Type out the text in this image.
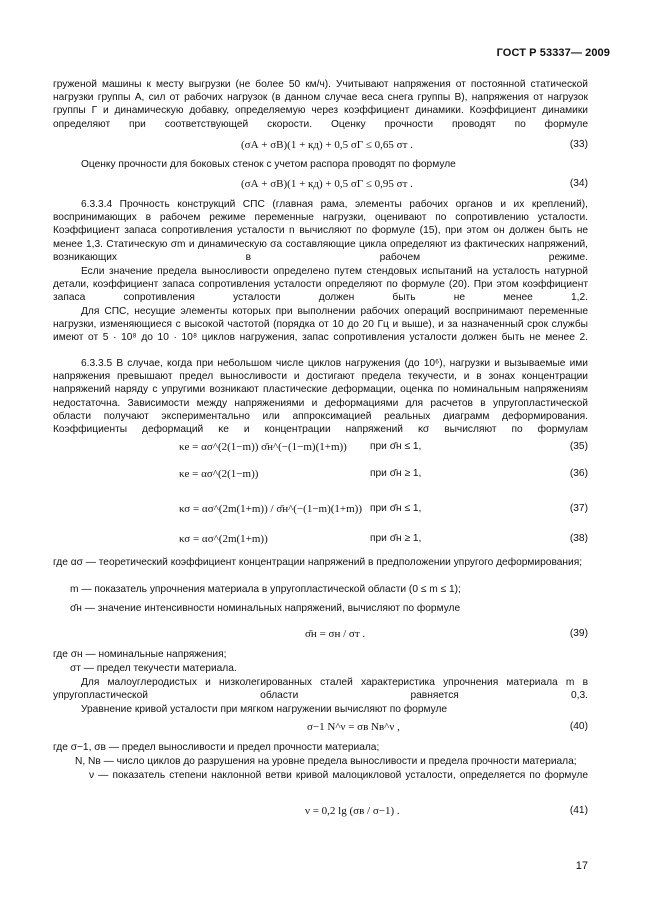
ГОСТ Р 53337— 2009
груженой машины к месту выгрузки (не более 50 км/ч). Учитывают напряжения от постоянной статической нагрузки группы А, сил от рабочих нагрузок (в данном случае веса снега группы В), напряжения от нагрузок группы Г и динамическую добавку, определяемую через коэффициент динамики. Коэффициент динамики определяют при соответствующей скорости. Оценку прочности проводят по формуле
(σА + σВ)(1 + кд) + 0,5 σГ ≤ 0,65 σт .	(33)
Оценку прочности для боковых стенок с учетом распора проводят по формуле
(σА + σВ)(1 + кд) + 0,5 σГ ≤ 0,95 σт .	(34)
6.3.3.4 Прочность конструкций СПС (главная рама, элементы рабочих органов и их креплений), воспринимающих в рабочем режиме переменные нагрузки, оценивают по сопротивлению усталости. Коэффициент запаса сопротивления усталости n вычисляют по формуле (15), при этом он должен быть не менее 1,3. Статическую σm и динамическую σa составляющие цикла определяют из фактических напряжений, возникающих в рабочем режиме.
Если значение предела выносливости определено путем стендовых испытаний на усталость натурной детали, коэффициент запаса сопротивления усталости определяют по формуле (20). При этом коэффициент запаса сопротивления усталости должен быть не менее 1,2.
Для СПС, несущие элементы которых при выполнении рабочих операций воспринимают переменные нагрузки, изменяющиеся с высокой частотой (порядка от 10 до 20 Гц и выше), и за назначенный срок службы имеют от 5 · 10⁸ до 10 · 10⁸ циклов нагружения, запас сопротивления усталости должен быть не менее 2.
6.3.3.5 В случае, когда при небольшом числе циклов нагружения (до 10⁶), нагрузки и вызываемые ими напряжения превышают предел выносливости и достигают предела текучести, и в зонах концентрации напряжений наряду с упругими возникают пластические деформации, оценка по номинальным напряжениям недостаточна. Зависимости между напряжениями и деформациями для расчетов в упругопластической области получают экспериментально или аппроксимацией реальных диаграмм деформирования. Коэффициенты деформаций κe и концентрации напряжений κσ вычисляют по формулам
κe = ασ^(2(1−m)) σ̄н^(−(1−m)(1+m)) при σ̄н ≤ 1,	(35)
κe = ασ^(2(1−m))	при σ̄н ≥ 1,	(36)
κσ = ασ^(2m(1+m)) / σ̄н^(−(1−m)(1+m)) при σ̄н ≤ 1,	(37)
κσ = ασ^(2m(1+m))	при σ̄н ≥ 1,	(38)
где ασ — теоретический коэффициент концентрации напряжений в предположении упругого деформирования;
m — показатель упрочнения материала в упругопластической области (0 ≤ m ≤ 1);
σ̄н — значение интенсивности номинальных напряжений, вычисляют по формуле
σ̄н = σн / σт .	(39)
где σн — номинальные напряжения;
σт — предел текучести материала.
Для малоуглеродистых и низколегированных сталей характеристика упрочнения материала m в упругопластической области равняется 0,3.
Уравнение кривой усталости при мягком нагружении вычисляют по формуле
σ−1 N^ν = σв Nв^ν ,	(40)
где σ−1, σв — предел выносливости и предел прочности материала;
N, Nв — число циклов до разрушения на уровне предела выносливости и предела прочности материала;
ν — показатель степени наклонной ветви кривой малоцикловой усталости, определяется по формуле
ν = 0,2 lg (σв / σ−1) .	(41)
17
